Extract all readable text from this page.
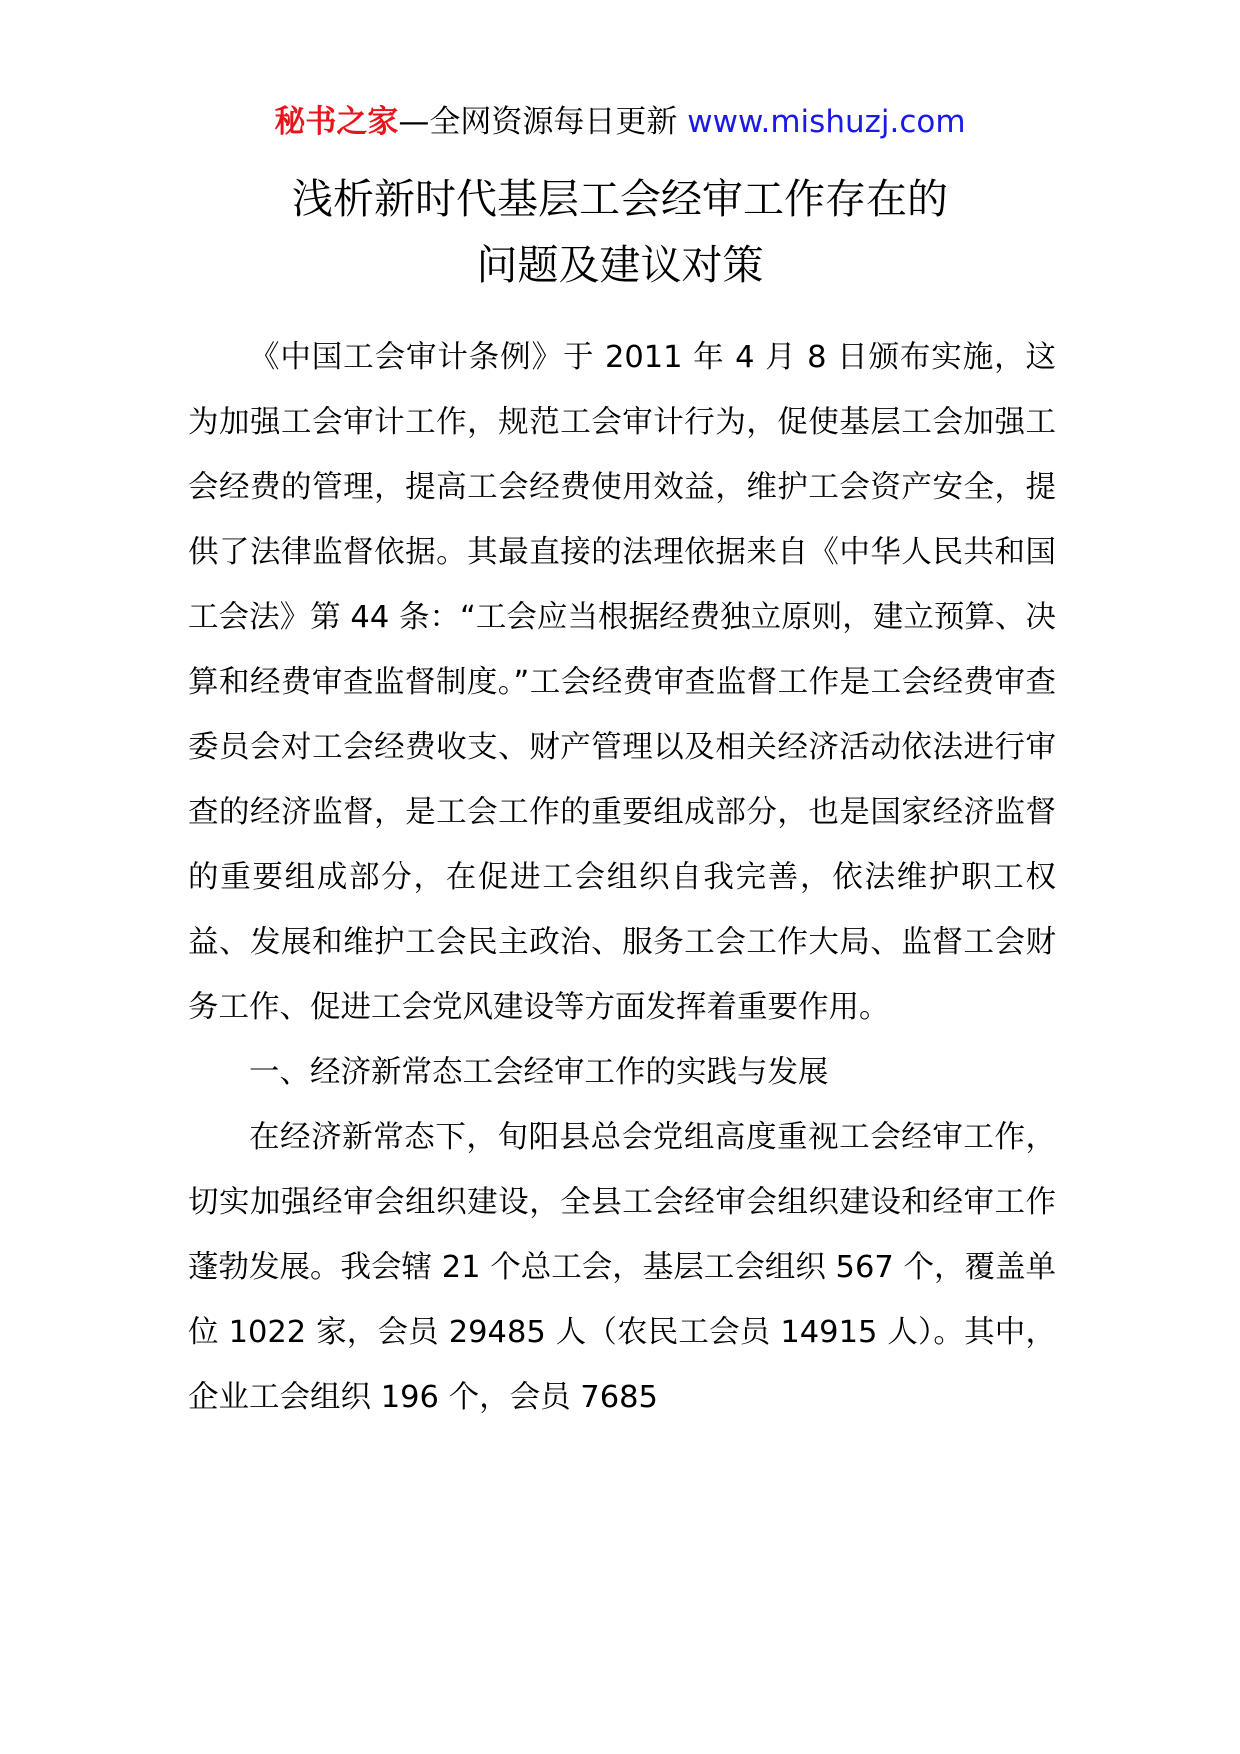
秘书之家—全网资源每日更新 www.mishuzj.com
浅析新时代基层工会经审工作存在的
问题及建议对策

《中国工会审计条例》于 2011 年 4 月 8 日颁布实施，这为加强工会审计工作，规范工会审计行为，促使基层工会加强工会经费的管理，提高工会经费使用效益，维护工会资产安全，提供了法律监督依据。其最直接的法理依据来自《中华人民共和国工会法》第 44 条：“工会应当根据经费独立原则，建立预算、决算和经费审查监督制度。”工会经费审查监督工作是工会经费审查委员会对工会经费收支、财产管理以及相关经济活动依法进行审查的经济监督，是工会工作的重要组成部分，也是国家经济监督的重要组成部分，在促进工会组织自我完善，依法维护职工权益、发展和维护工会民主政治、服务工会工作大局、监督工会财务工作、促进工会党风建设等方面发挥着重要作用。

一、经济新常态工会经审工作的实践与发展

在经济新常态下，旬阳县总会党组高度重视工会经审工作，切实加强经审会组织建设，全县工会经审会组织建设和经审工作蓬勃发展。我会辖 21 个总工会，基层工会组织 567 个，覆盖单位 1022 家，会员 29485 人（农民工会员 14915 人）。其中，企业工会组织 196 个，会员 7685
